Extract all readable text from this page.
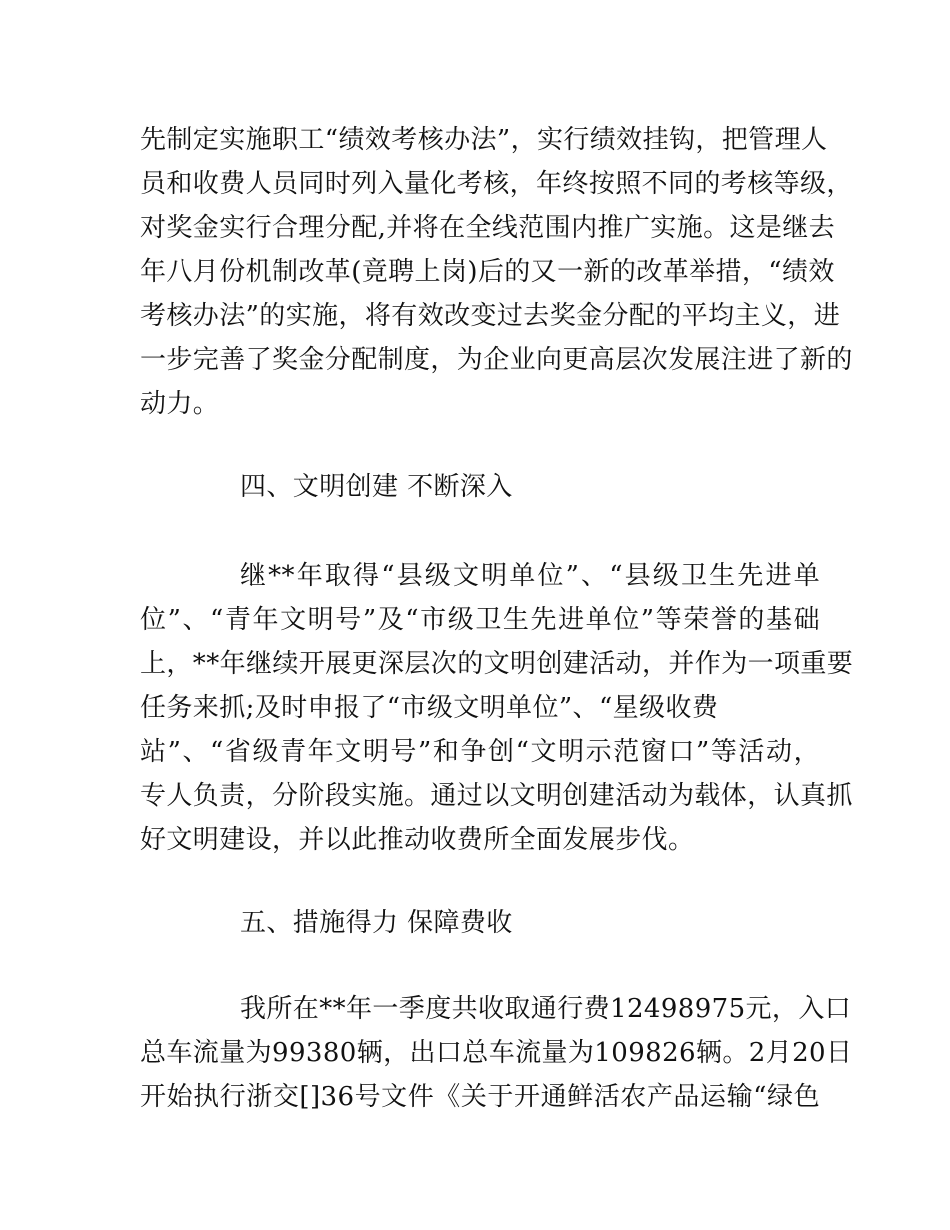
先制定实施职工“绩效考核办法”，实行绩效挂钩，把管理人
员和收费人员同时列入量化考核，年终按照不同的考核等级，
对奖金实行合理分配,并将在全线范围内推广实施。这是继去
年八月份机制改革(竟聘上岗)后的又一新的改革举措，“绩效
考核办法”的实施，将有效改变过去奖金分配的平均主义，进
一步完善了奖金分配制度，为企业向更高层次发展注进了新的
动力。
四、文明创建 不断深入
继**年取得“县级文明单位”、“县级卫生先进单
位”、“青年文明号”及“市级卫生先进单位”等荣誉的基础
上，**年继续开展更深层次的文明创建活动，并作为一项重要
任务来抓;及时申报了“市级文明单位”、“星级收费
站”、“省级青年文明号”和争创“文明示范窗口”等活动，
专人负责，分阶段实施。通过以文明创建活动为载体，认真抓
好文明建设，并以此推动收费所全面发展步伐。
五、措施得力 保障费收
我所在**年一季度共收取通行费12498975元，入口
总车流量为99380辆，出口总车流量为109826辆。2月20日
开始执行浙交[]36号文件《关于开通鲜活农产品运输“绿色
